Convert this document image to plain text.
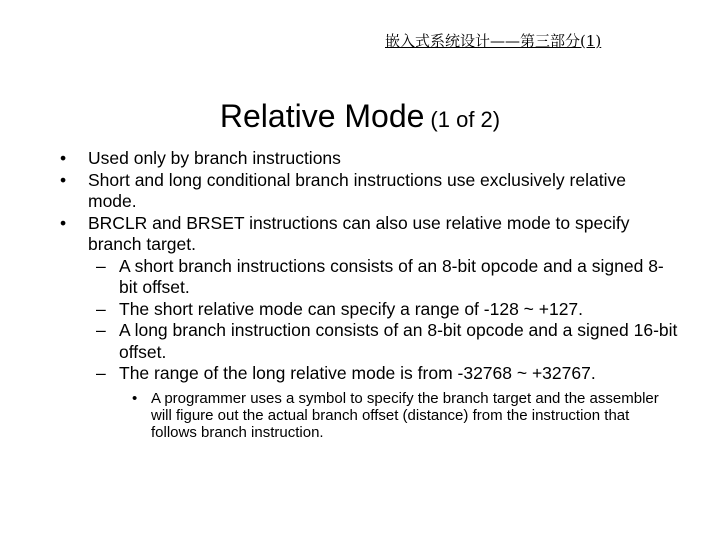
嵌入式系统设计——第三部分(1)
Relative Mode (1 of 2)
• Used only by branch instructions
• Short and long conditional branch instructions use exclusively relative mode.
• BRCLR and BRSET instructions can also use relative mode to specify branch target.
– A short branch instructions consists of an 8-bit opcode and a signed 8-bit offset.
– The short relative mode can specify a range of -128 ~ +127.
– A long branch instruction consists of an 8-bit opcode and a signed 16-bit offset.
– The range of the long relative mode is from -32768 ~ +32767.
• A programmer uses a symbol to specify the branch target and the assembler will figure out the actual branch offset (distance) from the instruction that follows branch instruction.
